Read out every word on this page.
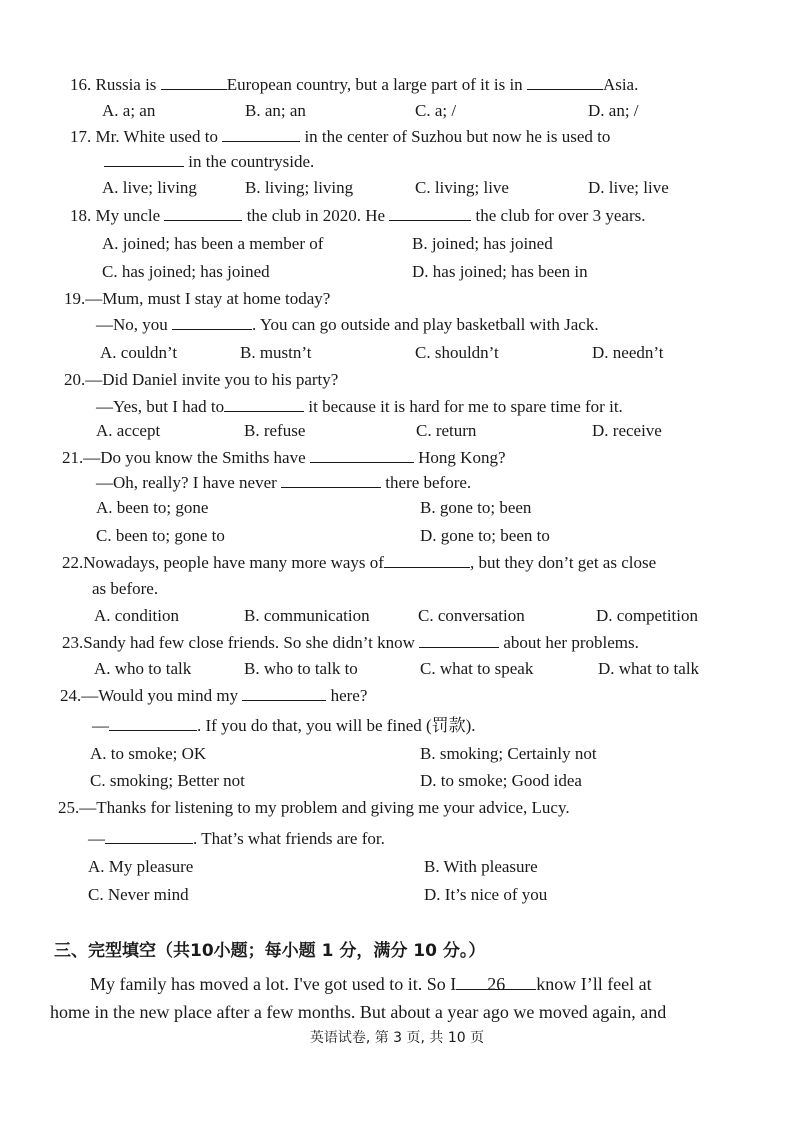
16. Russia is	European country, but a large part of it is in	Asia.
A. a; an	B. an; an	C. a; /	D. an; /
17. Mr. White used to	in the center of Suzhou but now he is used to
in the countryside.
A. live; living	B. living; living	C. living; live	D. live; live
18. My uncle	the club in 2020. He	the club for over 3 years.
A. joined; has been a member of	B. joined; has joined
C. has joined; has joined	D. has joined; has been in
19.—Mum, must I stay at home today?
—No, you	. You can go outside and play basketball with Jack.
A. couldn’t	B. mustn’t	C. shouldn’t	D. needn’t
20.—Did Daniel invite you to his party?
—Yes, but I had to	it because it is hard for me to spare time for it.
A. accept	B. refuse	C. return	D. receive
21.—Do you know the Smiths have	Hong Kong?
—Oh, really? I have never	there before.
A. been to; gone	B. gone to; been
C. been to; gone to	D. gone to; been to
22.Nowadays, people have many more ways of	, but they don’t get as close
as before.
A. condition	B. communication	C. conversation	D. competition
23.Sandy had few close friends. So she didn’t know	about her problems.
A. who to talk	B. who to talk to	C. what to speak	D. what to talk
24.—Would you mind my	here?
—	. If you do that, you will be fined (罚款).
A. to smoke; OK	B. smoking; Certainly not
C. smoking; Better not	D. to smoke; Good idea
25.—Thanks for listening to my problem and giving me your advice, Lucy.
—	. That’s what friends are for.
A. My pleasure	B. With pleasure
C. Never mind	D. It’s nice of you
三、完型填空（共10小题；每小题 1 分，满分 10 分。）
My family has moved a lot. I've got used to it. So I 26 know I’ll feel at
home in the new place after a few months. But about a year ago we moved again, and
英语试卷, 第 3 页, 共 10 页
